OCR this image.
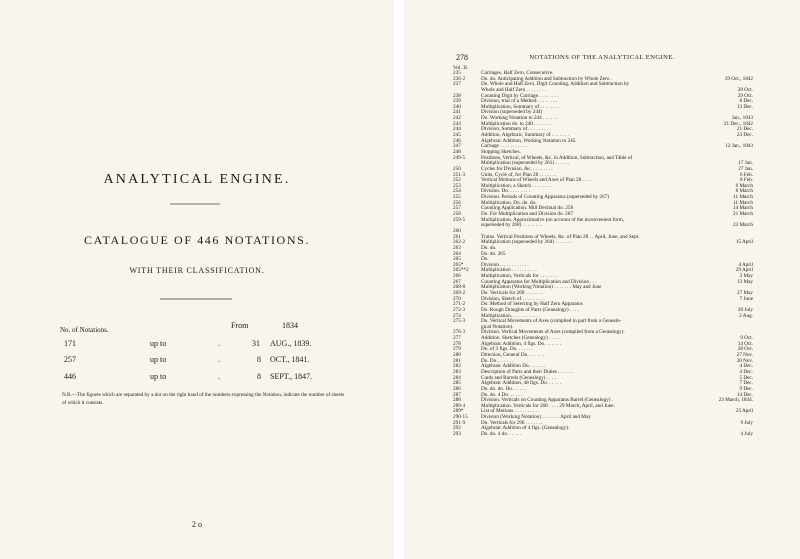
ANALYTICAL ENGINE.
CATALOGUE OF 446 NOTATIONS.
WITH THEIR CLASSIFICATION.
No. of Notations.	From	1834
171	up to	.	31 AUG., 1839.
257	up to	.	8 OCT., 1841.
446	up to	.	8 SEPT., 1847.
N.B.—The figures which are separated by a dot on the right hand of the numbers expressing the Notation, indicate the number of sheets of which it consists.
2 o
278	NOTATIONS OF THE ANALYTICAL ENGINE.
Vol. II.
235	Carriages, Half Zero, Consecutive.
236·2	Do. do. Anticipating Addition and Subtraction by Whole Zero .	19 Oct., 1842
237	Do. Whole and Half Zero, Digit Counting, Addition and Subtraction by
Whole and Half Zero . . . . . . . .	28 Oct.
238	Counting Digit by Carriage . . . . . . . .	29 Oct.
239	Division, trial of a Method . . . . . . . .	8 Dec.
240	Multiplication, Summary of . . . . . . . .	13 Dec.
241	Division (superseded by 244)
242	Do. Working Notation to 244 . . . . . .	Jan., 1843
243	Multiplication do. to 240 . . . . . . .	21 Dec., 1842
244	Division, Summary of . . . . . . . . .	21 Dec.
245	Addition, Algebraic, Summary of . . . . . . .	23 Dec.
246	Algebraic Addition, Working Notation to 245.
247	Carriage . . . . . . . . . . .	12 Jan., 1843
248	Stopping Sketches.
249·5	Positions, Vertical, of Wheels, &c. in Addition, Subtraction, and Table of
Multiplication (superseded by 261) . . . . . .	17 Jan.
250	Cycles for Division, &c. . . . . . . . .	27 Jan.
251·3	Units, Cycle of, for Plan 28 . . . . . . .	6 Feb.
252	Vertical Motions of Wheels and Axes of Plan 28 . . . .	8 Feb.
253	Multiplication, a Sketch . . . . . . . .	6 March
254	Division. Do. . . . . . . . .	8 March
255	Division. Periods of Counting Apparatus (superseded by 267)	11 March
256	Multiplication. Do. do. do.	11 March
257	Counting Application. Mill Decimal do. 258	14 March
258	Do. For Multiplication and Division do. 267	21 March
259·5	Multiplication. Approximative (on account of the inconvenient form,
superseded by 268) . . . . . . . .	23 March
260
261	Trains. Vertical Positions of Wheels, &c. of Plan 28 . . April, June, and Sept.
262·2	Multiplication (superseded by 264) . . . . . . .	15 April
263	Do. do.
264	Do. do. 265
265	Do.
265*	Division. . . . . . . . . . . .	4 April
265**2 Multiplication . . . . . . . . . .	29 April
266	Multiplication, Verticals for . . . . . . .	3 May
267	Counting Apparatus for Multiplication and Division . . .	13 May
268·8	Multiplication (Working Notation) . . . . . . . May and June
269·2	Do. Verticals for 268 . . . . . . .	27 May
270	Division, Sketch of . . . . . . . . .	7 June
271·2	Do. Method of Selecting by Half Zero Apparatus
272·3	Do. Rough Draughts of Parts (Genealogy) . . . .	20 July
274	Multiplication. . . . . . . . . . .	2 Aug.
275·3	Do. Vertical Movements of Axes (compiled in part from a Genealo-
gical Notation).
276·3	Division. Vertical Movements of Axes (compiled from a Genealogy).
277	Addition. Sketches (Genealogy) . . . . .	9 Oct.
278	Algebraic Addition, 4 figs. Do. . . . . . .	14 Oct.
279	Do. of 3 figs. Do. . . . . . .	28 Oct.
280	Direction, General Do. . . . . . .	27 Nov.
281	Do. Do. . . . . . .	30 Nov.
282	Algebraic Addition Do. . . . . . .	4 Dec.
283	Description of Parts and their Duties . . . . . .	4 Dec.
284	Cards and Barrels (Genealogy) . . . .	5 Dec.
285	Algebraic Addition, 48 figs. Do. . . . . .	7 Dec.
286	Do. do. do. Do. . . . . .	9 Dec.
287	Do. do. 4 Do. . . . . .	14 Dec.
288	Division. Verticals on Counting Apparatus Barrel (Genealogy) .	23 March, 1844.
289·4	Multiplication. Verticals for 268 . . . . 29 March, April, and June.
289*	List of Motions . . . . . . . . . .	25 April
290·15	Division (Working Notation) . . . . . . . April and May
291·9	Do. Verticals for 290 . . . . . . .	9 July
292	Algebraic Addition of 4 figs. (Genealogy).
293	Do. do. 4 do. . . . . .	4 July
